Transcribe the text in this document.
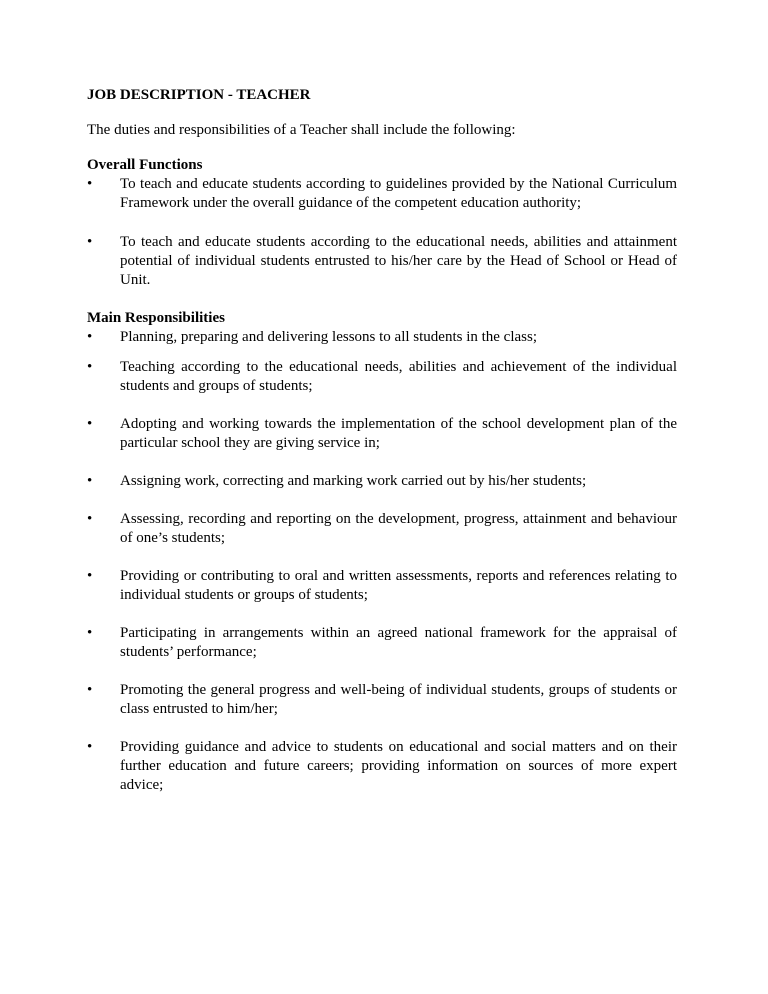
JOB DESCRIPTION - TEACHER

The duties and responsibilities of a Teacher shall include the following:

Overall Functions

•	To teach and educate students according to guidelines provided by the National Curriculum Framework under the overall guidance of the competent education authority;
•	To teach and educate students according to the educational needs, abilities and attainment potential of individual students entrusted to his/her care by the Head of School or Head of Unit.

Main Responsibilities

•	Planning, preparing and delivering lessons to all students in the class;
•	Teaching according to the educational needs, abilities and achievement of the individual students and groups of students;
•	Adopting and working towards the implementation of the school development plan of the particular school they are giving service in;
•	Assigning work, correcting and marking work carried out by his/her students;
•	Assessing, recording and reporting on the development, progress, attainment and behaviour of one’s students;
•	Providing or contributing to oral and written assessments, reports and references relating to individual students or groups of students;
•	Participating in arrangements within an agreed national framework for the appraisal of students’ performance;
•	Promoting the general progress and well-being of individual students, groups of students or class entrusted to him/her;
•	Providing guidance and advice to students on educational and social matters and on their further education and future careers; providing information on sources of more expert advice;
